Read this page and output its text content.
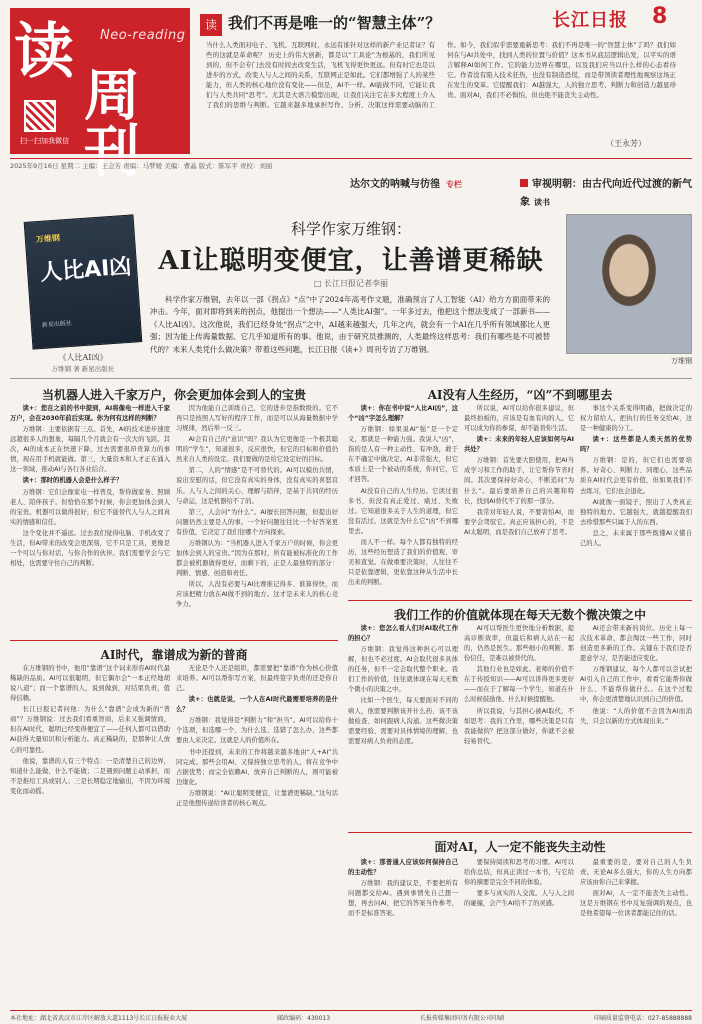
读 Neo-reading
周刊
扫一扫加我微信
读 我们不再是唯一的“智慧主体”？
当什么人类面对电子、飞机、互联网时，永远有谁针对这样的新产业记者证？有些的这就是革命呢？ 历史上的伟大创新，都是以“工具论”为根基的，我们所见到的，但不会专门去没有时间去改变生活，飞机飞得更快更远。但有时它也是以进步的方式，改变人与人之间的关系，互联网正是如此。它们都增强了人的某些能力，但人类的核心地位没有变化——但是，AI不一样。AI能做不同，它能让我们与人类共同“思考”。尤其是大语言模型出现，让我们关注它在多大程度上介入了我们的思维与判断。它越来越多地承担写作、分析、决策这样需要动脑的工作。如今，我们似乎需要重新思考：我们不再是唯一的“智慧主体”了吗？我们如何在与AI共处中，找到人类的位置与价值？这本书从底层逻辑出发，以平实的语言解释AI如何工作、它的能力边界在哪里，以及我们应当以什么样的心态看待它。作者没有陷入技术狂热，也没有制造恐慌，而是带领读者理性地观察这场正在发生的变革。它提醒我们：AI越强大，人的独立思考、判断力和创造力越显珍贵。面对AI，我们不必惧怕，但也绝不能丧失主动性。
（王永芳）
长江日报 8
2025年9月16日 星期二 主编：王会芳 责编：马梦媛 美编：曹晶 版式：陈军平 责校：刘丽
达尔文的呐喊与彷徨 专栏	审视明朝：由古代向近代过渡的新气象 读书
万维钢
人比AI凶
新星出版社
《人比AI凶》
万维钢 著 新星出版社
科学作家万维钢：
AI让聪明变便宜，让善谱更稀缺
□ 长江日报记者李丽
科学作家万维钢，去年以一部《拐点》“点”中了2024年高考作文题，准确预言了人工智能（AI）给方方面面带来的冲击。今年，面对即将到来的拐点，他提出一个想法——“人类比AI强”。一年多过去，他把这个想法变成了一部新书——《人比AI凶》。这次他说，我们已经身处“拐点”之中，AI越来越强大，几年之内，就会有一个AI在几乎所有领域都比人更强；因为能上传海量数据、它几乎知道所有的事。他说，由于研究员推测的，人类最终这样思考：我们有哪些是不可被替代的？未来人类凭什么做决策？带着这些问题，长江日报《读+》周刊专访了万维钢。
万维钢
当机器人进入千家万户，你会更加体会到人的宝贵

读+：您在之前的书中提到，AI将像电一样进入千家万户，会在2030年前后实现。你为何有这样的判断？

万维钢：主要依据有三点。首先，AI的技术进步速度远超很多人的想象，每隔几个月就会有一次大的飞跃。其次，AI的成本正在快速下降，过去需要很昂贵算力的事情，现在用手机就能做。第三，大量资本和人才正在涌入这一领域，推动AI与各行各业结合。

读+：那时的机器人会是什么样子？

万维钢：它们会像家电一样普及，帮你做家务、照顾老人、陪伴孩子。但恰恰在那个时候，你会更加体会到人的宝贵。机器可以做得很好，但它不能替代人与人之间真实的情感和信任。

这个变化并不遥远。过去我们觉得电脑、手机改变了生活，但AI带来的改变会更深刻，它不只是工具，更像是一个可以与你对话、与你合作的伙伴。我们需要学会与它相处，也需要守住自己的判断。

因为他能自己训练自己，它的进步是指数级的。它不再只是按照人写好的程序工作，而是可以从海量数据中学习规律，然后举一反三。

AI会有自己的“意识”吗？我认为它更像是一个极其聪明的“学生”，知道很多，反应很快，但它的目标和价值仍然来自人类的设定。我们要做的是给它设定好的目标。

第二，人的“情感”是不可替代的。AI可以模仿共情，说出安慰的话，但它没有真实的身体，没有真实的喜怒哀乐。人与人之间的关心、理解与陪伴，是基于共同的经历与命运，这是机器给不了的。

第三，人会问“为什么”。AI擅长回答问题，但提出好问题仍然主要是人的事。一个好问题往往比一个好答案更有价值，它决定了我们往哪个方向探索。

万维钢认为：“当机器人进入千家万户的时候，你会更加体会到人的宝贵。”因为在那时，所有能被标准化的工作都会被机器做得更好，而剩下的，正是人最独特的部分：判断、情感、创造和责任。

所以，人没有必要与AI比赛谁记得多、谁算得快，而应该把精力放在AI做不到的地方。这才是未来人的核心竞争力。

AI时代，靠谱成为新的普商

在万维钢的书中，他用“靠谱”这个词来形容AI时代最稀缺的品质。AI可以很聪明，但它偶尔会“一本正经地胡说八道”；而一个靠谱的人，说到做到，对结果负责，值得信赖。

长江日报记者问他：为什么“靠谱”会成为新的“普商”？万维钢说：过去我们看重智商，后来又强调情商，但在AI时代，聪明已经变得便宜了——任何人都可以借助AI获得大量知识和分析能力。真正稀缺的，是那种让人放心的可靠性。

他说，靠谱的人有三个特点：一是清楚自己的边界，知道什么能做、什么不能做；二是遇到问题主动承担，而不是推给工具或别人；三是长期稳定地输出，不因为环境变化而动摇。

无论是个人还是组织，都需要把“靠谱”作为核心价值来培养。AI可以帮你写方案，但最终签字负责的还是你自己。

读+：也就是说，一个人在AI时代最需要培养的是什么？

万维钢：我觉得是“判断力”和“担当”。AI可以给你十个选项，但选哪一个、为什么选、选错了怎么办，这些都要由人来决定。这就是人的价值所在。

书中还提到，未来的工作将越来越多地由“人+AI”共同完成。那些会用AI、又保持独立思考的人，将在竞争中占据优势；而完全依赖AI、放弃自己判断的人，则可能被边缘化。

万维钢说：“AI让聪明变便宜，让靠谱更稀缺。”这句话正是他想传递给读者的核心观点。

AI没有人生经历，“凶”不到哪里去

读+：你在书中说“人比AI凶”，这个“凶”字怎么理解？

万维钢：如果说AI“强”是一个定义，那就是一种能力强。我说人“凶”，指的是人有一种主动性、有冲劲，敢于在不确定中做决定。AI非常强大，但它本质上是一个被动的系统，你问它，它才回答。

AI没有自己的人生经历。它读过很多书，但没有真正爱过、痛过、失败过。它知道很多关于人生的道理，但它没有活过。这就是为什么它“凶”不到哪里去。

而人不一样。每个人都有独特的经历，这些经历塑造了我们的价值观、审美和直觉。在做重要决策时，人往往不只是依靠逻辑，更依靠这种从生活中长出来的判断。

所以说，AI可以给你很多建议，但最终拍板的，应该是有血有肉的人。它可以成为你的参谋，却不能替你生活。

读+：未来的年轻人应该如何与AI共处？

万维钢：首先要大胆使用，把AI当成学习和工作的助手，让它帮你节省时间。其次要保持好奇心，不断追问“为什么”。最后要培养自己的兴趣和特长，找到AI替代不了的那一部分。

我常对年轻人说，不要害怕AI，而要学会驾驭它。真正应该担心的，不是AI太聪明，而是我们自己放弃了思考。

事这个关系变得明确，把做决定的权力留给人，把执行的任务交给AI，这是一种健康的分工。

读+：这些都是人类天然的优势吗？

万维钢：是的，但它们也需要培养。好奇心、判断力、同理心，这些品质在AI时代会更有价值，但如果我们不去练习，它们也会退化。

AI就像一面镜子，照出了人类真正独特的地方。它越强大，就越提醒我们去珍惜那些只属于人的东西。

总之，未来属于那些既懂AI又懂自己的人。

我们工作的价值就体现在每天无数个微决策之中

读+：您怎么看人们对AI取代工作的担心？

万维钢：我觉得这种担心可以理解，但也不必过度。AI会取代很多具体的任务，但不一定会取代整个职业。我们工作的价值，往往就体现在每天无数个微小的决策之中。

比如一个医生，每天要面对不同的病人，他需要判断该开什么药、该不该做检查、如何跟病人沟通。这些微决策需要经验、需要对具体情境的理解，也需要对病人负责的态度。

AI可以帮医生更快地分析数据，提高诊断效率，但最后和病人站在一起的，仍然是医生。那些细小的判断、那份信任，是难以被替代的。

其他行业也是如此。老师的价值不在于传授知识——AI可以讲得更多更好——而在于了解每一个学生，知道在什么时候鼓励他、什么时候提醒他。

所以我说，与其担心被AI取代，不如思考：我的工作里，哪些决策是只有我能做的？把这部分做好，你就不会被轻易替代。

AI还会带来新的岗位。历史上每一次技术革命，都会淘汰一些工作，同时创造更多新的工作。关键在于我们是否愿意学习，是否能适应变化。

万维钢建议，每个人都可以尝试把AI引入自己的工作中，看看它能帮你做什么、不能帮你做什么。在这个过程中，你会更清楚地认识到自己的价值。

他说：“人的价值不会因为AI而消失，只会以新的方式体现出来。”

面对AI，人一定不能丧失主动性

读+：那普通人应该如何保持自己的主动性？

万维钢：我的建议是，不要把所有问题都交给AI。遇到事情先自己想一想，再去问AI，把它的答案当作参考，而不是标准答案。

要保持阅读和思考的习惯。AI可以给你总结，但真正读过一本书，与它给你的摘要是完全不同的体验。

要多与真实的人交流。人与人之间的碰撞，会产生AI给不了的灵感。

最重要的是，要对自己的人生负责。无论AI多么强大，你的人生方向都应该由你自己来掌握。

面对AI，人一定不能丧失主动性。这是万维钢在书中反复强调的观点，也是他希望每一位读者都能记住的话。

本社地址：湖北省武汉市江岸区解放大道1113号长江日报报业大厦	邮政编码：430013	长报传媒集团印务有限公司印刷	印刷质量监督电话：027-85888888
